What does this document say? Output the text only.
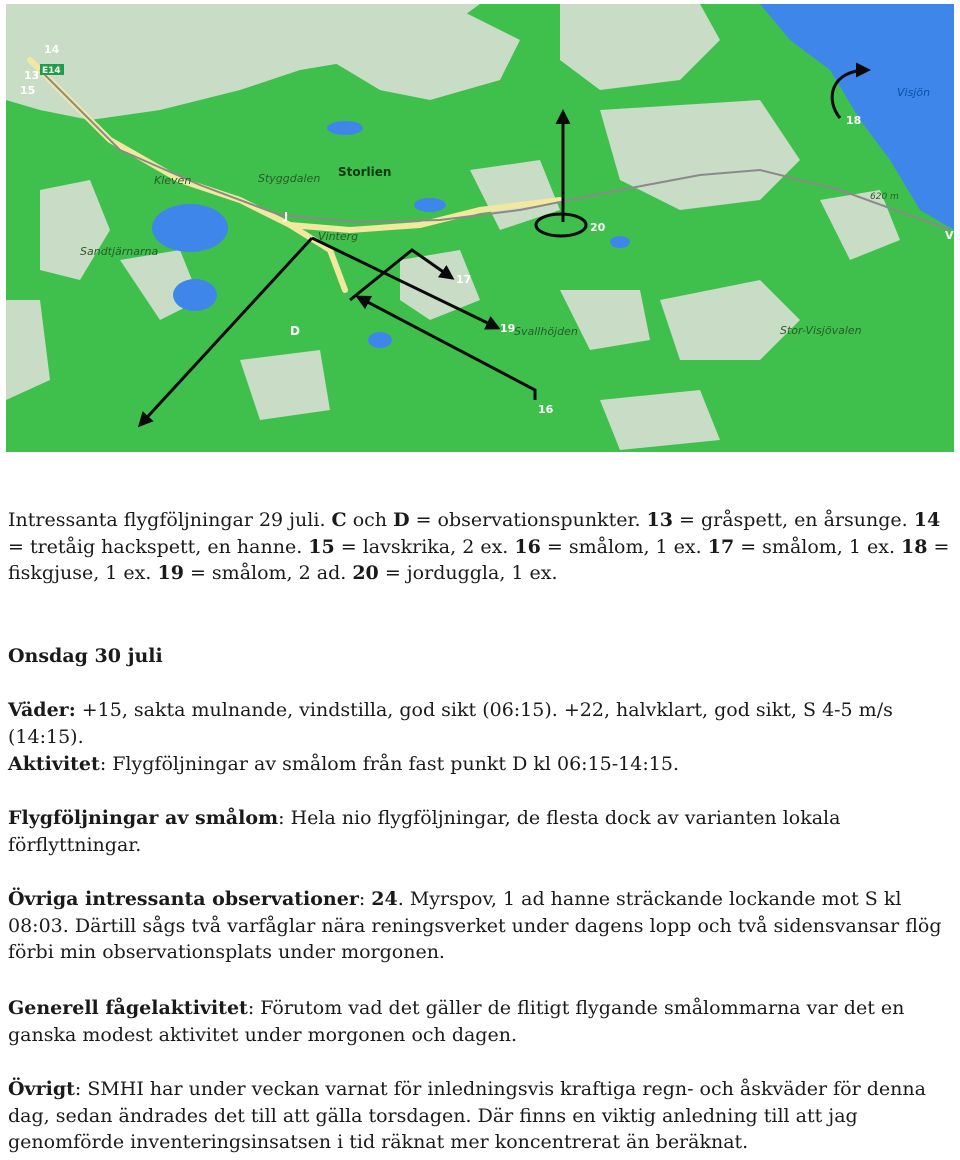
E14
14
13
15
16
17
18
19
20
D
J
V
Storlien
Kleven	Styggdalen
Sandtjärnarna
Vinterg
Visjön
Svallhöjden	Stor-Visjövalen
620 m

Intressanta flygföljningar 29 juli. C och D = observationspunkter. 13 = gråspett, en årsunge. 14 = tretåig hackspett, en hanne. 15 = lavskrika, 2 ex. 16 = smålom, 1 ex. 17 = smålom, 1 ex. 18 = fiskgjuse, 1 ex. 19 = smålom, 2 ad. 20 = jorduggla, 1 ex.

Onsdag 30 juli

Väder: +15, sakta mulnande, vindstilla, god sikt (06:15). +22, halvklart, god sikt, S 4-5 m/s (14:15).

Aktivitet: Flygföljningar av smålom från fast punkt D kl 06:15-14:15.

Flygföljningar av smålom: Hela nio flygföljningar, de flesta dock av varianten lokala förflyttningar.

Övriga intressanta observationer: 24. Myrspov, 1 ad hanne sträckande lockande mot S kl 08:03. Därtill sågs två varfåglar nära reningsverket under dagens lopp och två sidensvansar flög förbi min observationsplats under morgonen.

Generell fågelaktivitet: Förutom vad det gäller de flitigt flygande smålommarna var det en ganska modest aktivitet under morgonen och dagen.

Övrigt: SMHI har under veckan varnat för inledningsvis kraftiga regn- och åskväder för denna dag, sedan ändrades det till att gälla torsdagen. Där finns en viktig anledning till att jag genomförde inventeringsinsatsen i tid räknat mer koncentrerat än beräknat.
